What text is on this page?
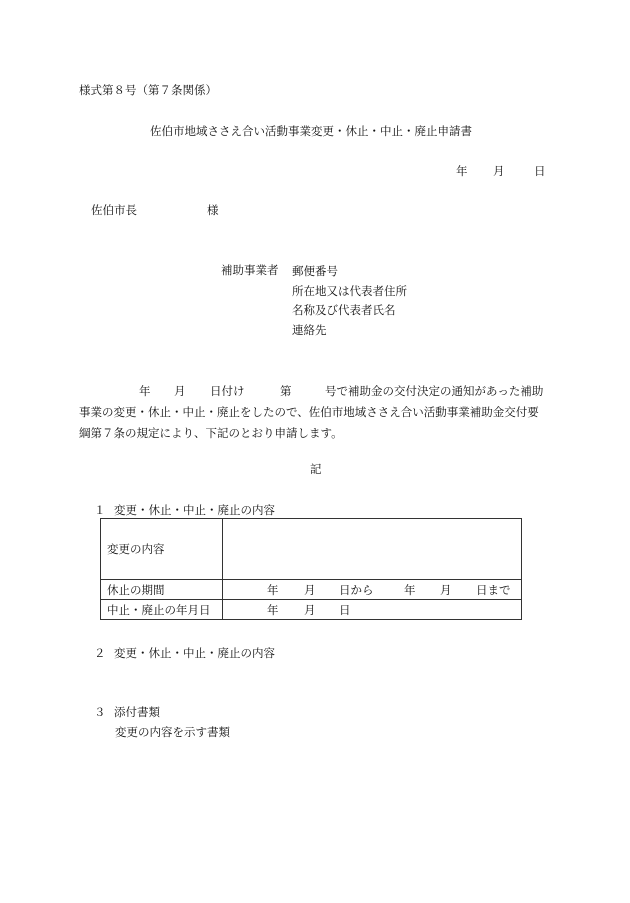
様式第８号（第７条関係）
佐伯市地域ささえ合い活動事業変更・休止・中止・廃止申請書
年 月	日
佐伯市長	様
補助事業者 郵便番号
所在地又は代表者住所
名称及び代表者氏名
連絡先
年 月 日付け	第	号で補助金の交付決定の通知があった補助
事業の変更・休止・中止・廃止をしたので、佐伯市地域ささえ合い活動事業補助金交付要
綱第７条の規定により、下記のとおり申請します。
記
１ 変更・休止・中止・廃止の内容
変更の内容	
休止の期間	年 月 日から 年 月 日まで
中止・廃止の年月日	年 月 日
２ 変更・休止・中止・廃止の内容
３ 添付書類
変更の内容を示す書類
